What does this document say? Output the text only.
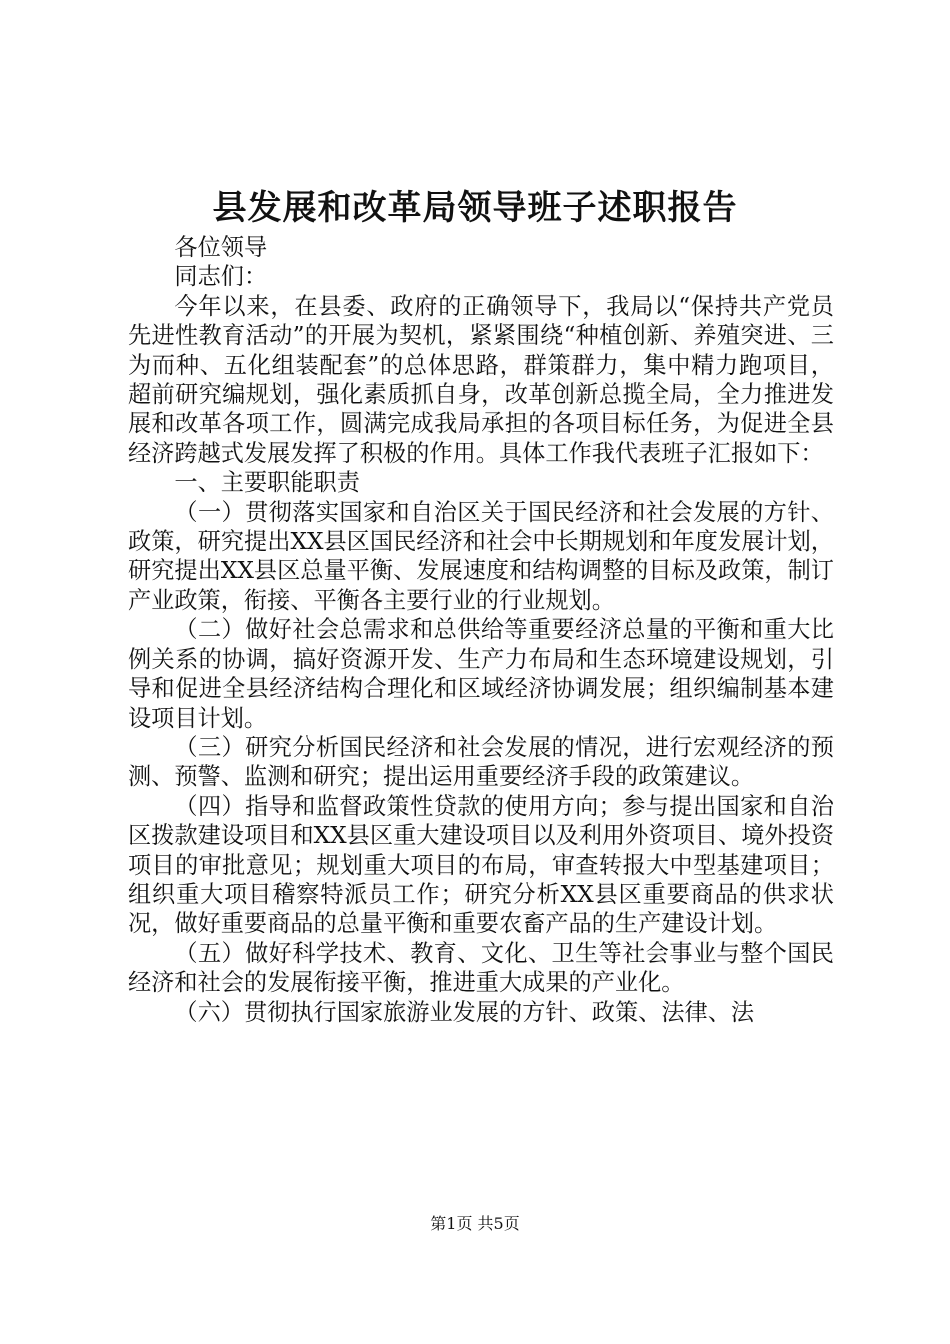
县发展和改革局领导班子述职报告

各位领导

同志们：

今年以来，在县委、政府的正确领导下，我局以“保持共产党员先进性教育活动”的开展为契机，紧紧围绕“种植创新、养殖突进、三为而种、五化组装配套”的总体思路，群策群力，集中精力跑项目，超前研究编规划，强化素质抓自身，改革创新总揽全局，全力推进发展和改革各项工作，圆满完成我局承担的各项目标任务，为促进全县经济跨越式发展发挥了积极的作用。具体工作我代表班子汇报如下：

一、主要职能职责

（一）贯彻落实国家和自治区关于国民经济和社会发展的方针、政策，研究提出XX县区国民经济和社会中长期规划和年度发展计划，研究提出XX县区总量平衡、发展速度和结构调整的目标及政策，制订产业政策，衔接、平衡各主要行业的行业规划。

（二）做好社会总需求和总供给等重要经济总量的平衡和重大比例关系的协调，搞好资源开发、生产力布局和生态环境建设规划，引导和促进全县经济结构合理化和区域经济协调发展；组织编制基本建设项目计划。

（三）研究分析国民经济和社会发展的情况，进行宏观经济的预测、预警、监测和研究；提出运用重要经济手段的政策建议。

（四）指导和监督政策性贷款的使用方向；参与提出国家和自治区拨款建设项目和XX县区重大建设项目以及利用外资项目、境外投资项目的审批意见；规划重大项目的布局，审查转报大中型基建项目；组织重大项目稽察特派员工作；研究分析XX县区重要商品的供求状况，做好重要商品的总量平衡和重要农畜产品的生产建设计划。

（五）做好科学技术、教育、文化、卫生等社会事业与整个国民经济和社会的发展衔接平衡，推进重大成果的产业化。

（六）贯彻执行国家旅游业发展的方针、政策、法律、法

第1页 共5页
